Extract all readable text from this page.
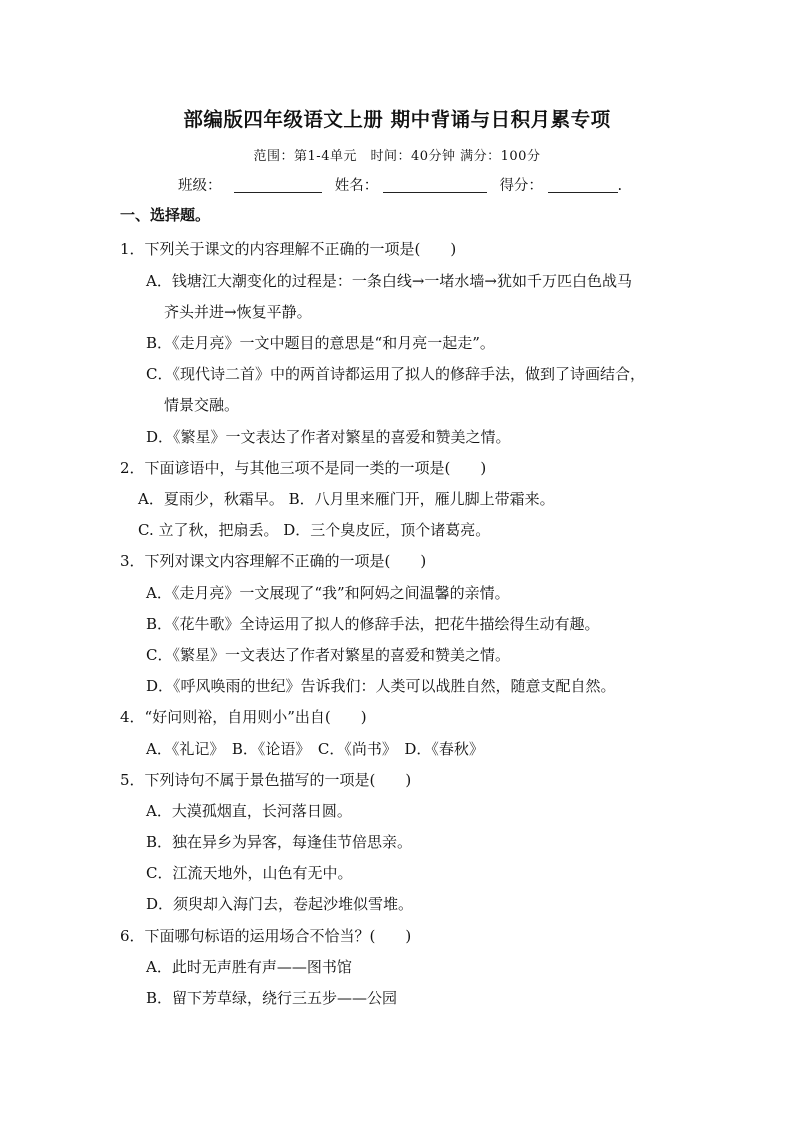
部编版四年级语文上册 期中背诵与日积月累专项
范围：第1-4单元　时间：40分钟 满分：100分
班级：	姓名：	得分：	.
一、选择题。
1．下列关于课文的内容理解不正确的一项是(　　)
A．钱塘江大潮变化的过程是：一条白线→一堵水墙→犹如千万匹白色战马
齐头并进→恢复平静。
B．《走月亮》一文中题目的意思是“和月亮一起走”。
C．《现代诗二首》中的两首诗都运用了拟人的修辞手法，做到了诗画结合，
情景交融。
D．《繁星》一文表达了作者对繁星的喜爱和赞美之情。
2．下面谚语中，与其他三项不是同一类的一项是(　　)
A．夏雨少，秋霜早。 B．八月里来雁门开，雁儿脚上带霜来。
C. 立了秋，把扇丢。 D．三个臭皮匠，顶个诸葛亮。
3．下列对课文内容理解不正确的一项是(　　)
A．《走月亮》一文展现了“我”和阿妈之间温馨的亲情。
B．《花牛歌》全诗运用了拟人的修辞手法，把花牛描绘得生动有趣。
C．《繁星》一文表达了作者对繁星的喜爱和赞美之情。
D．《呼风唤雨的世纪》告诉我们：人类可以战胜自然，随意支配自然。
4．“好问则裕，自用则小”出自(　　)
A．《礼记》　B．《论语》　C．《尚书》　D．《春秋》
5．下列诗句不属于景色描写的一项是(　　)
A．大漠孤烟直，长河落日圆。
B．独在异乡为异客，每逢佳节倍思亲。
C．江流天地外，山色有无中。
D．须臾却入海门去，卷起沙堆似雪堆。
6．下面哪句标语的运用场合不恰当？(　　)
A．此时无声胜有声——图书馆
B．留下芳草绿，绕行三五步——公园
